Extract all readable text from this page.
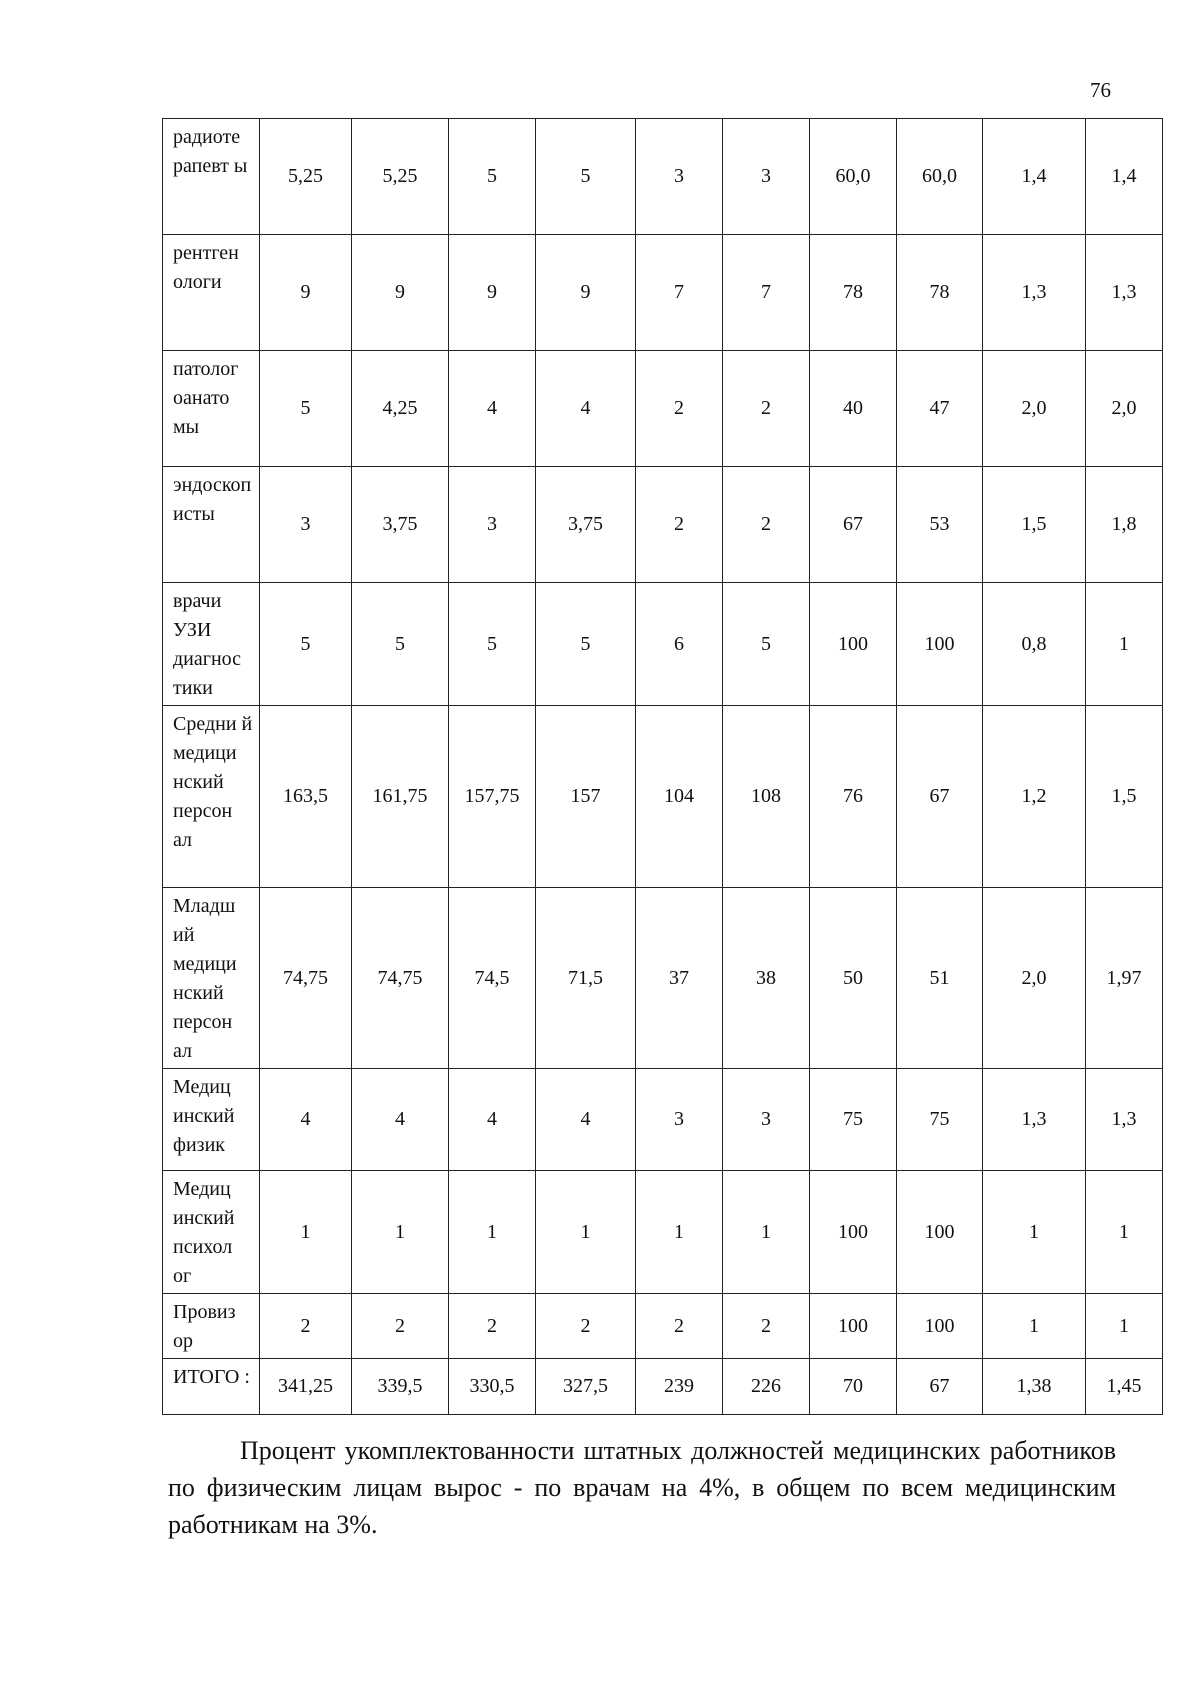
76
радиоте рапевт ы	5,25	5,25	5	5	3	3	60,0	60,0	1,4	1,4
рентген ологи	9	9	9	9	7	7	78	78	1,3	1,3
патолог оанато мы	5	4,25	4	4	2	2	40	47	2,0	2,0
эндоскописты	3	3,75	3	3,75	2	2	67	53	1,5	1,8
врачи УЗИ диагнос тики	5	5	5	5	6	5	100	100	0,8	1
Средни й медици нский персон ал	163,5	161,75	157,75	157	104	108	76	67	1,2	1,5
Младш ий медици нский персон ал	74,75	74,75	74,5	71,5	37	38	50	51	2,0	1,97
Медиц инский физик	4	4	4	4	3	3	75	75	1,3	1,3
Медиц инский психол ог	1	1	1	1	1	1	100	100	1	1
Провиз ор	2	2	2	2	2	2	100	100	1	1
ИТОГО :	341,25	339,5	330,5	327,5	239	226	70	67	1,38	1,45

Процент укомплектованности штатных должностей медицинских работников по физическим лицам вырос - по врачам на 4%, в общем по всем медицинским работникам на 3%.
